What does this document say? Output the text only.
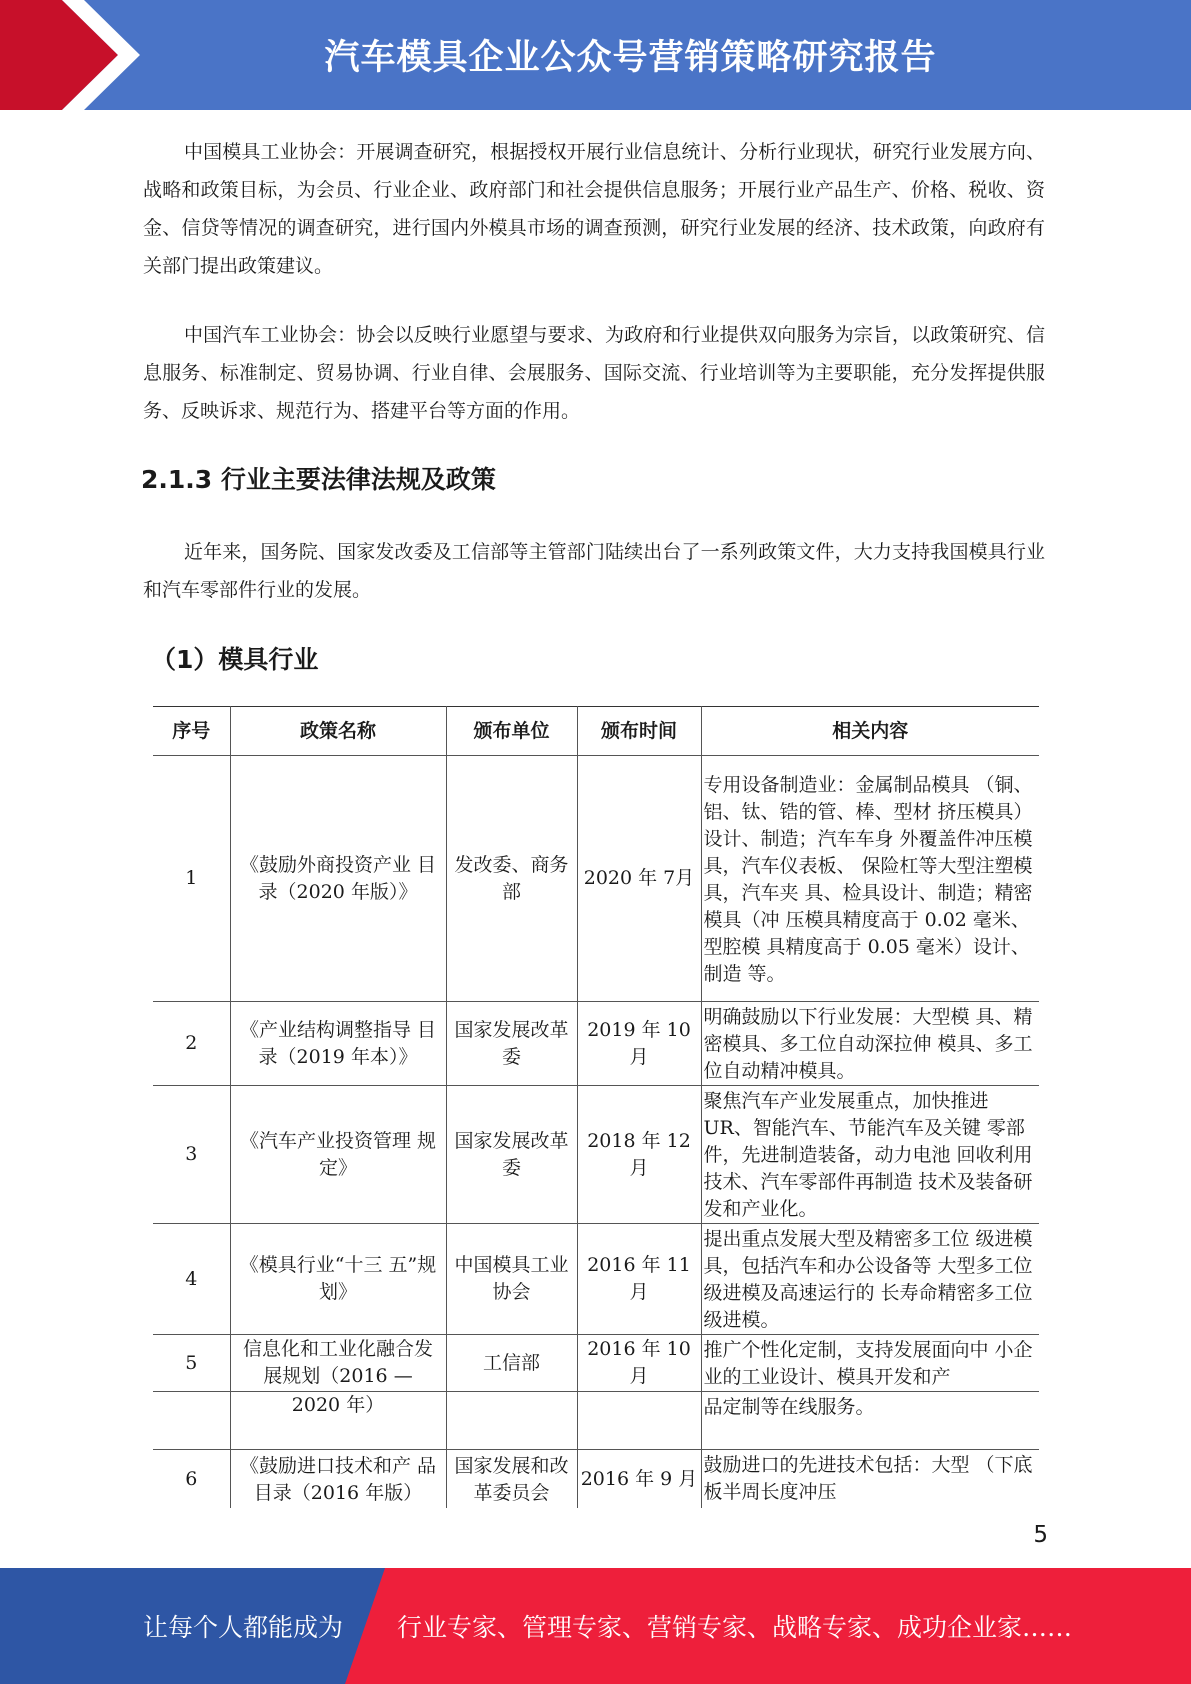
汽车模具企业公众号营销策略研究报告

中国模具工业协会：开展调查研究，根据授权开展行业信息统计、分析行业现状，研究行业发展方向、战略和政策目标，为会员、行业企业、政府部门和社会提供信息服务；开展行业产品生产、价格、税收、资金、信贷等情况的调查研究，进行国内外模具市场的调查预测，研究行业发展的经济、技术政策，向政府有关部门提出政策建议。

中国汽车工业协会：协会以反映行业愿望与要求、为政府和行业提供双向服务为宗旨，以政策研究、信息服务、标准制定、贸易协调、行业自律、会展服务、国际交流、行业培训等为主要职能，充分发挥提供服务、反映诉求、规范行为、搭建平台等方面的作用。

2.1.3 行业主要法律法规及政策

近年来，国务院、国家发改委及工信部等主管部门陆续出台了一系列政策文件，大力支持我国模具行业和汽车零部件行业的发展。

（1）模具行业
序号	政策名称	颁布单位	颁布时间	相关内容
1	《鼓励外商投资产业 目录（2020 年版）》	发改委、商务部	2020 年 7月	专用设备制造业：金属制品模具 （铜、铝、钛、锆的管、棒、型材 挤压模具）设计、制造；汽车车身 外覆盖件冲压模具，汽车仪表板、 保险杠等大型注塑模具，汽车夹 具、检具设计、制造；精密模具（冲 压模具精度高于 0.02 毫米、型腔模 具精度高于 0.05 毫米）设计、制造 等。
2	《产业结构调整指导 目录（2019 年本）》	国家发展改革委	2019 年 10 月	明确鼓励以下行业发展：大型模 具、精密模具、多工位自动深拉伸 模具、多工位自动精冲模具。
3	《汽车产业投资管理 规定》	国家发展改革委	2018 年 12 月	聚焦汽车产业发展重点，加快推进 UR、智能汽车、节能汽车及关键 零部件，先进制造装备，动力电池 回收利用技术、汽车零部件再制造 技术及装备研发和产业化。
4	《模具行业“十三 五”规划》	中国模具工业协会	2016 年 11 月	提出重点发展大型及精密多工位 级进模具，包括汽车和办公设备等 大型多工位级进模及高速运行的 长寿命精密多工位级进模。
5	信息化和工业化融合发展规划（2016 —	工信部	2016 年 10 月	推广个性化定制，支持发展面向中 小企业的工业设计、模具开发和产
	2020 年）			品定制等在线服务。
6	《鼓励进口技术和产 品目录（2016 年版）	国家发展和改革委员会	2016 年 9 月	鼓励进口的先进技术包括：大型 （下底板半周长度冲压
5
让每个人都能成为 行业专家、管理专家、营销专家、战略专家、成功企业家……
